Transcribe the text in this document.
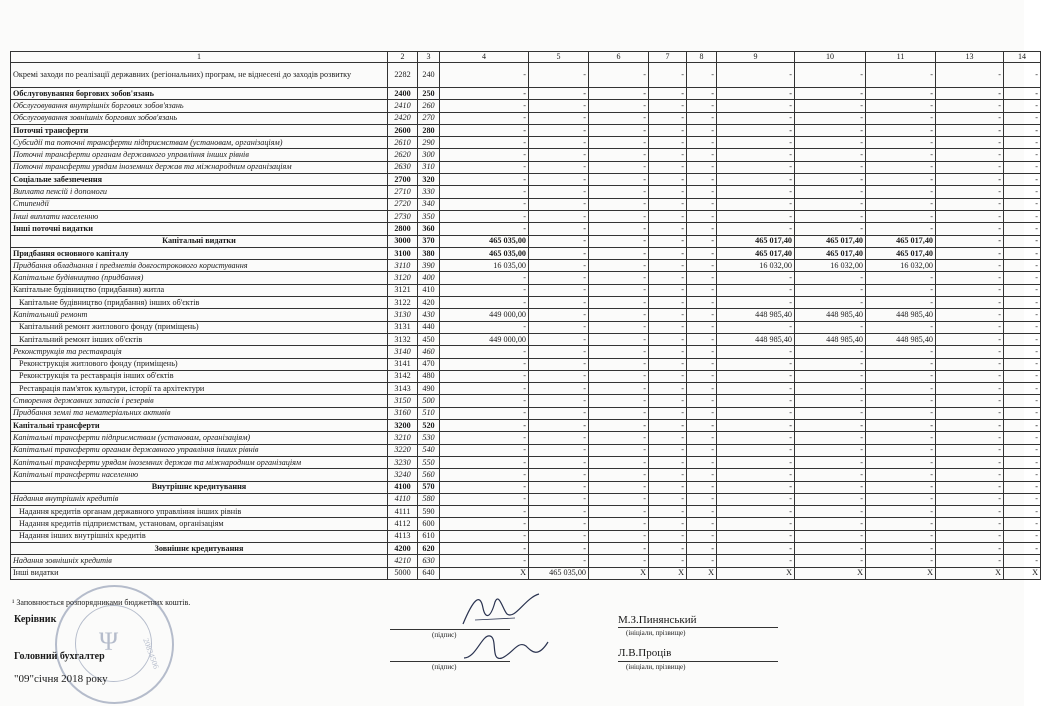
1	2	3	4	5	6	7	8	9	10	11	13	14
Окремі заходи по реалізації державних (регіональних) програм, не віднесені до заходів розвитку	2282	240	-	-	-	-	-	-	-	-	-	-
Обслуговування боргових зобов'язань	2400	250	-	-	-	-	-	-	-	-	-	-
Обслуговування внутрішніх боргових зобов'язань	2410	260	-	-	-	-	-	-	-	-	-	-
Обслуговування зовнішніх боргових зобов'язань	2420	270	-	-	-	-	-	-	-	-	-	-
Поточні трансферти	2600	280	-	-	-	-	-	-	-	-	-	-
Субсидії та поточні трансферти підприємствам (установам, організаціям)	2610	290	-	-	-	-	-	-	-	-	-	-
Поточні трансферти органам державного управління інших рівнів	2620	300	-	-	-	-	-	-	-	-	-	-
Поточні трансферти урядам іноземних держав та міжнародним організаціям	2630	310	-	-	-	-	-	-	-	-	-	-
Соціальне забезпечення	2700	320	-	-	-	-	-	-	-	-	-	-
Виплата пенсій і допомоги	2710	330	-	-	-	-	-	-	-	-	-	-
Стипендії	2720	340	-	-	-	-	-	-	-	-	-	-
Інші виплати населенню	2730	350	-	-	-	-	-	-	-	-	-	-
Інші поточні видатки	2800	360	-	-	-	-	-	-	-	-	-	-
Капітальні видатки	3000	370	465 035,00	-	-	-	-	465 017,40	465 017,40	465 017,40	-	-
Придбання основного капіталу	3100	380	465 035,00	-	-	-	-	465 017,40	465 017,40	465 017,40	-	-
Придбання обладнання і предметів довгострокового користування	3110	390	16 035,00	-	-	-	-	16 032,00	16 032,00	16 032,00	-	-
Капітальне будівництво (придбання)	3120	400	-	-	-	-	-	-	-	-	-	-
Капітальне будівництво (придбання) житла	3121	410	-	-	-	-	-	-	-	-	-	-
Капітальне будівництво (придбання) інших об'єктів	3122	420	-	-	-	-	-	-	-	-	-	-
Капітальний ремонт	3130	430	449 000,00	-	-	-	-	448 985,40	448 985,40	448 985,40	-	-
Капітальний ремонт житлового фонду (приміщень)	3131	440	-	-	-	-	-	-	-	-	-	-
Капітальний ремонт інших об'єктів	3132	450	449 000,00	-	-	-	-	448 985,40	448 985,40	448 985,40	-	-
Реконструкція та реставрація	3140	460	-	-	-	-	-	-	-	-	-	-
Реконструкція житлового фонду (приміщень)	3141	470	-	-	-	-	-	-	-	-	-	-
Реконструкція та реставрація інших об'єктів	3142	480	-	-	-	-	-	-	-	-	-	-
Реставрація пам'яток культури, історії та архітектури	3143	490	-	-	-	-	-	-	-	-	-	-
Створення державних запасів і резервів	3150	500	-	-	-	-	-	-	-	-	-	-
Придбання землі та нематеріальних активів	3160	510	-	-	-	-	-	-	-	-	-	-
Капітальні трансферти	3200	520	-	-	-	-	-	-	-	-	-	-
Капітальні трансферти підприємствам (установам, організаціям)	3210	530	-	-	-	-	-	-	-	-	-	-
Капітальні трансферти органам державного управління інших рівнів	3220	540	-	-	-	-	-	-	-	-	-	-
Капітальні трансферти урядам іноземних держав та міжнародним організаціям	3230	550	-	-	-	-	-	-	-	-	-	-
Капітальні трансферти населенню	3240	560	-	-	-	-	-	-	-	-	-	-
Внутрішнє кредитування	4100	570	-	-	-	-	-	-	-	-	-	-
Надання внутрішніх кредитів	4110	580	-	-	-	-	-	-	-	-	-	-
Надання кредитів органам державного управління інших рівнів	4111	590	-	-	-	-	-	-	-	-	-	-
Надання кредитів підприємствам, установам, організаціям	4112	600	-	-	-	-	-	-	-	-	-	-
Надання інших внутрішніх кредитів	4113	610	-	-	-	-	-	-	-	-	-	-
Зовнішнє кредитування	4200	620	-	-	-	-	-	-	-	-	-	-
Надання зовнішніх кредитів	4210	630	-	-	-	-	-	-	-	-	-	-
Інші видатки	5000	640	X	465 035,00	X	X	X	X	X	X	X	X
Ψ	20834506
¹ Заповнюється розпорядниками бюджетних коштів.
Керівник
(підпис)
М.З.Пинянський
(ініціали, прізвище)
Головний бухгалтер
(підпис)
Л.В.Проців
(ініціали, прізвище)
"09"січня 2018 року
